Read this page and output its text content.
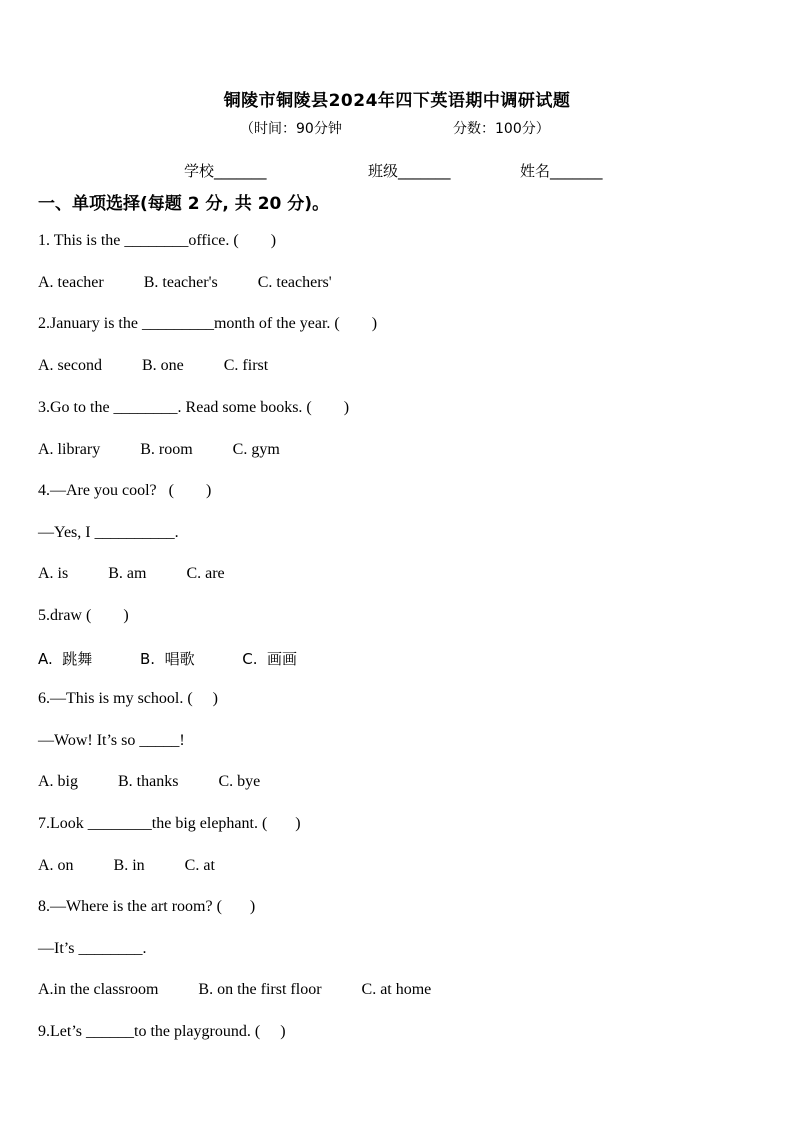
铜陵市铜陵县2024年四下英语期中调研试题
（时间：90分钟	分数：100分）
学校_______	班级_______	姓名_______
一、单项选择(每题 2 分, 共 20 分)。
1. This is the ________office. (        )
A. teacher          B. teacher's          C. teachers'
2.January is the _________month of the year. (        )
A. second          B. one          C. first
3.Go to the ________. Read some books. (        )
A. library          B. room          C. gym
4.—Are you cool?   (        )
—Yes, I __________.
A. is          B. am          C. are
5.draw (        )
A.  跳舞          B.  唱歌          C.  画画
6.—This is my school. (     )
—Wow! It’s so _____!
A. big          B. thanks          C. bye
7.Look ________the big elephant. (       )
A. on          B. in          C. at
8.—Where is the art room? (       )
—It’s ________.
A.in the classroom          B. on the first floor          C. at home
9.Let’s ______to the playground. (     )
